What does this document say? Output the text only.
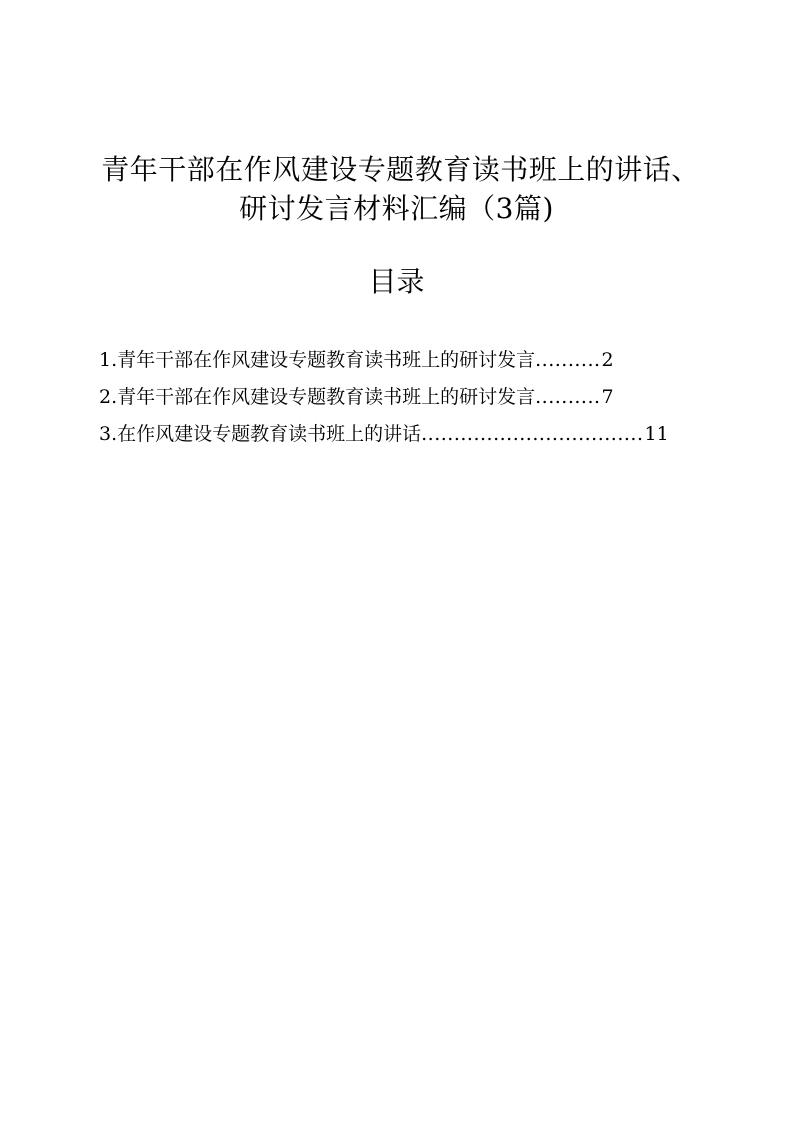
青年干部在作风建设专题教育读书班上的讲话、
研讨发言材料汇编（3篇)
目录
1.青年干部在作风建设专题教育读书班上的研讨发言 .......... 2
2.青年干部在作风建设专题教育读书班上的研讨发言 .......... 7
3.在作风建设专题教育读书班上的讲话 .................................. 11
